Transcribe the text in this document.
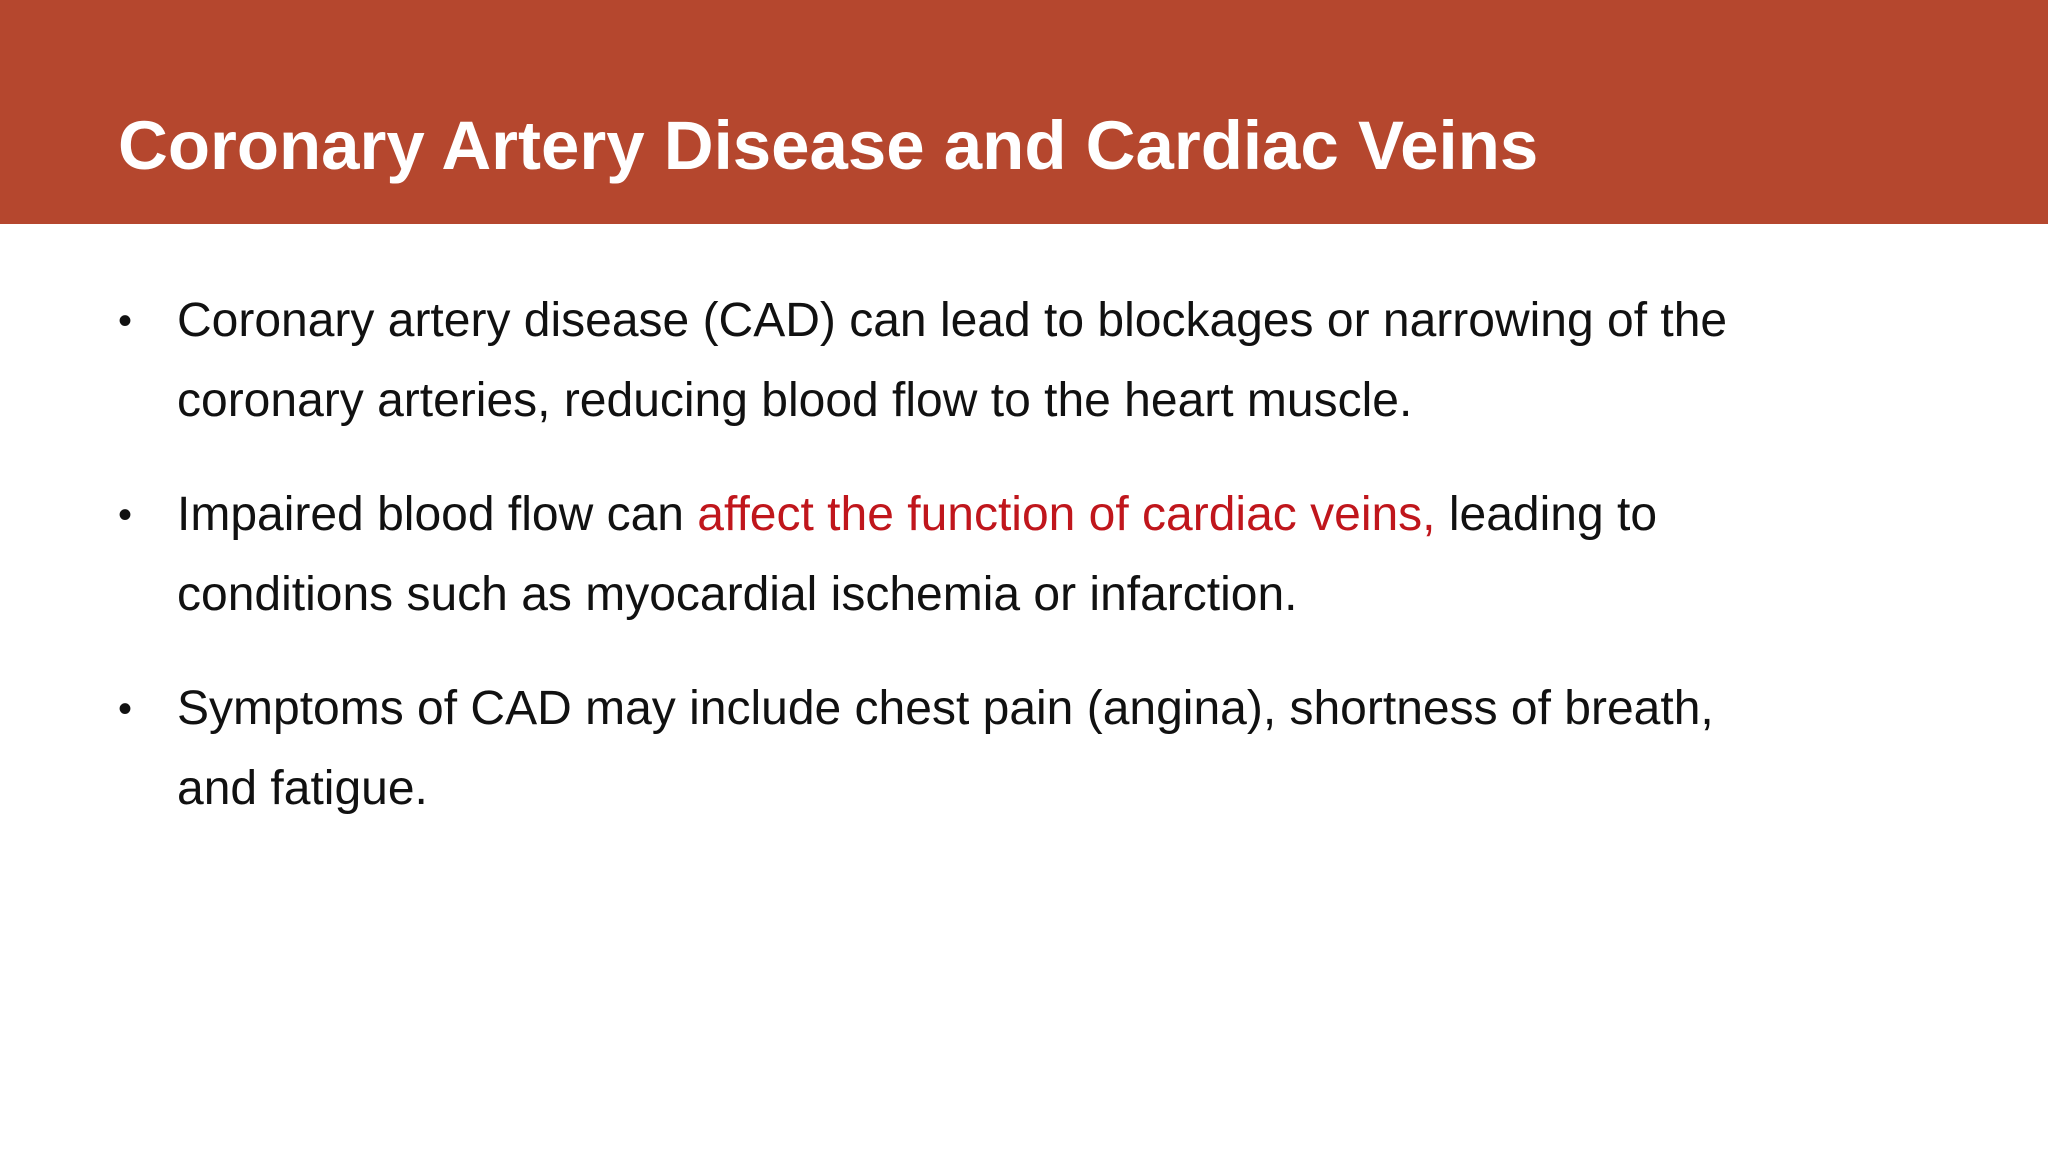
Coronary Artery Disease and Cardiac Veins
• Coronary artery disease (CAD) can lead to blockages or narrowing of the coronary arteries, reducing blood flow to the heart muscle.
• Impaired blood flow can affect the function of cardiac veins, leading to conditions such as myocardial ischemia or infarction.
• Symptoms of CAD may include chest pain (angina), shortness of breath, and fatigue.
